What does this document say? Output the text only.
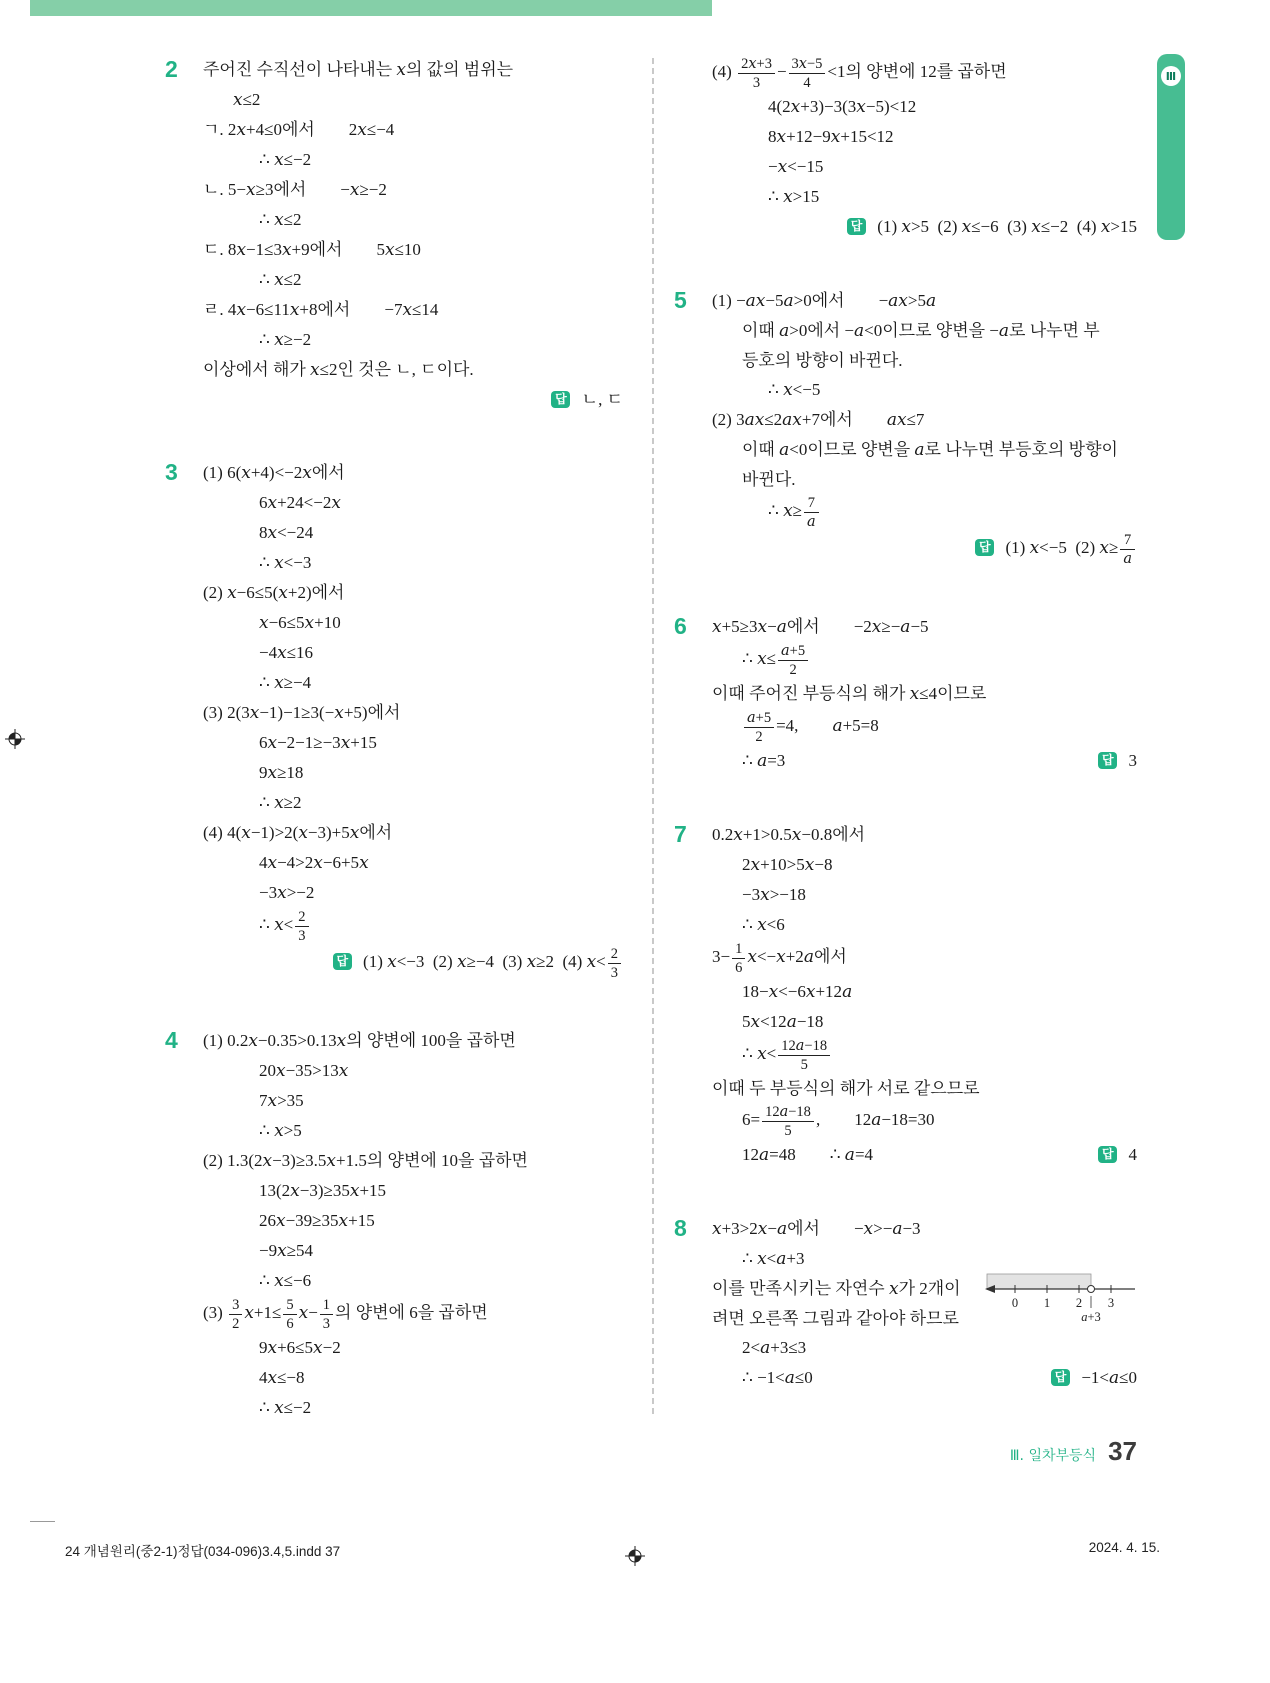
Ⅲ
2 주어진 수직선이 나타내는 x의 값의 범위는
x≤2
ㄱ. 2x+4≤0에서  2x≤−4
∴ x≤−2
ㄴ. 5−x≥3에서  −x≥−2
∴ x≤2
ㄷ. 8x−1≤3x+9에서  5x≤10
∴ x≤2
ㄹ. 4x−6≤11x+8에서  −7x≤14
∴ x≥−2
이상에서 해가 x≤2인 것은 ㄴ, ㄷ이다.
답 ㄴ, ㄷ
3 (1) 6(x+4)<−2x에서
6x+24<−2x
8x<−24
∴ x<−3
(2) x−6≤5(x+2)에서
x−6≤5x+10
−4x≤16
∴ x≥−4
(3) 2(3x−1)−1≥3(−x+5)에서
6x−2−1≥−3x+15
9x≥18
∴ x≥2
(4) 4(x−1)>2(x−3)+5x에서
4x−4>2x−6+5x
−3x>−2
∴ $x< \frac{2}{3}$
답 (1) x<−3 (2) x≥−4 (3) x≥2 (4) $x< \frac{2}{3}$
4 (1) 0.2x−0.35>0.13x의 양변에 100을 곱하면
20x−35>13x
7x>35
∴ x>5
(2) 1.3(2x−3)≥3.5x+1.5의 양변에 10을 곱하면
13(2x−3)≥35x+15
26x−39≥35x+15
−9x≥54
∴ x≤−6
$(3) \frac{3}{2} x+1\le \frac{5}{6} x- \frac{1}{3}$ 의 양변에 6을 곱하면
9x+6≤5x−2
4x≤−8
∴ x≤−2
$(4) \frac{2x+3}{3} - \frac{3x-5}{4} <1$의 양변에 12를 곱하면
4(2x+3)−3(3x−5)<12
8x+12−9x+15<12
−x<−15
∴ x>15
답 (1) x>5 (2) x≤−6 (3) x≤−2 (4) x>15
5 (1) −ax−5a>0에서  −ax>5a
이때 a>0에서 −a<0이므로 양변을 −a로 나누면 부
등호의 방향이 바뀐다.
∴ x<−5
(2) 3ax≤2ax+7에서  ax≤7
이때 a<0이므로 양변을 a로 나누면 부등호의 방향이
바뀐다.
∴ $x\ge \frac{7}{a}$
답 (1) x<−5 (2) $x\ge \frac{7}{a}$
6 x+5≥3x−a에서  −2x≥−a−5
∴ $x\le \frac{a+5}{2}$
이때 주어진 부등식의 해가 x≤4이므로
$\frac{a+5}{2} =4$,  a+5=8
∴ a=3	답 3
7 0.2x+1>0.5x−0.8에서
2x+10>5x−8
−3x>−18
∴ x<6
$3- \frac{1}{6} x<-x+2a$에서
18−x<−6x+12a
5x<12a−18
∴ $x< \frac{12a-18}{5}$
이때 두 부등식의 해가 서로 같으므로
$6= \frac{12a-18}{5}$ ,  12a−18=30
12a=48  ∴ a=4	답 4
8 x+3>2x−a에서  −x>−a−3
∴ x<a+3
이를 만족시키는 자연수 x가 2개이
려면 오른쪽 그림과 같아야 하므로
2<a+3≤3
∴ −1<a≤0	답 −1<a≤0
0 1 2 3
a+3
Ⅲ. 일차부등식 37
24 개념원리(중2-1)정답(034-096)3.4,5.indd 37	2024. 4. 15.
